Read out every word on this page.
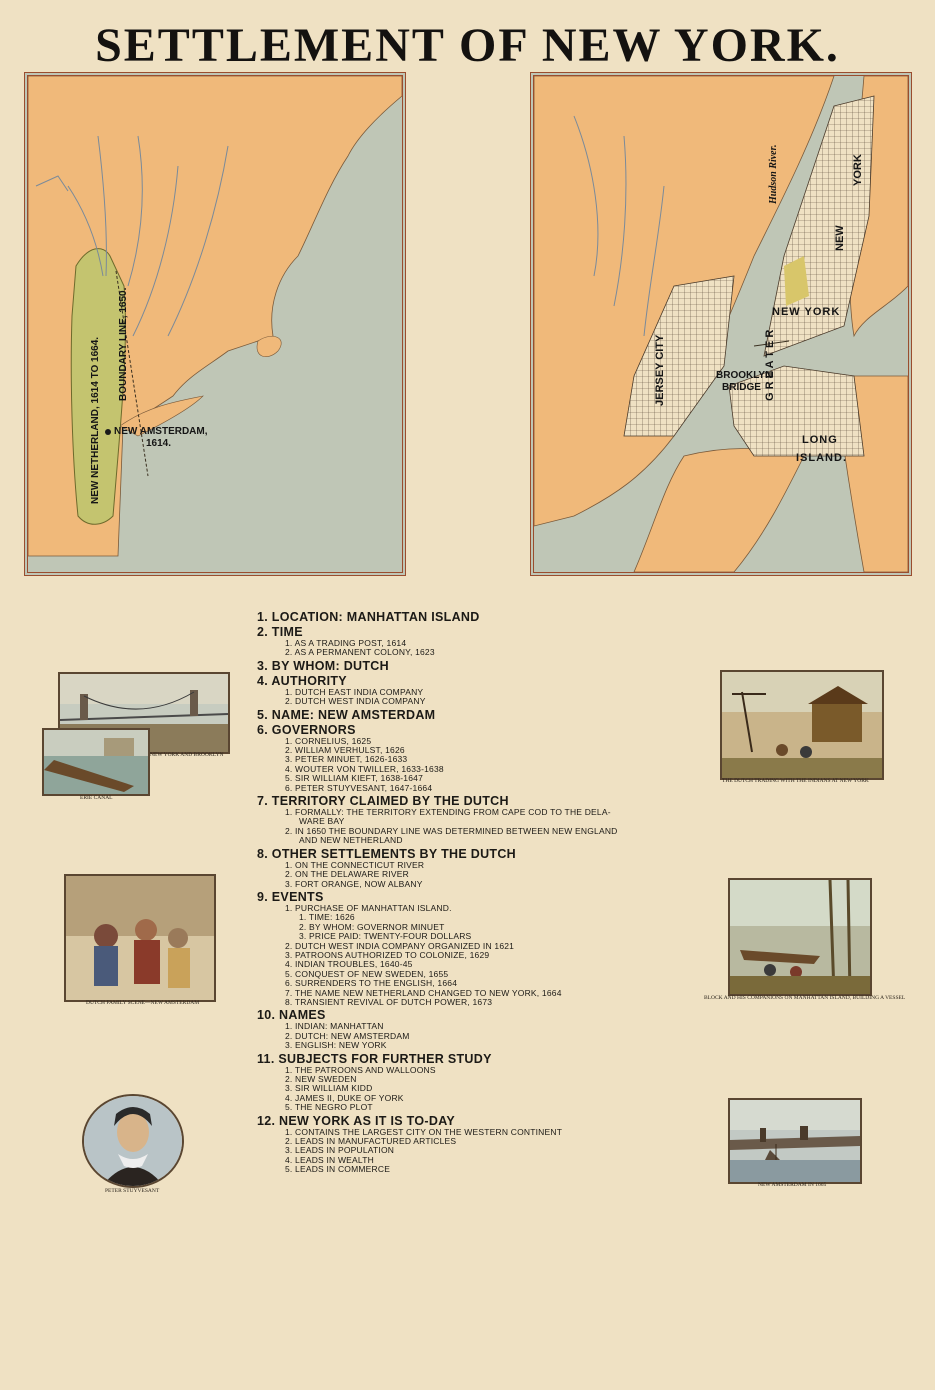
SETTLEMENT OF NEW YORK.
NEW NETHERLAND, 1614 TO 1664. BOUNDARY LINE, 1650.
NEW AMSTERDAM,
1614.
Hudson River.
NEW YORK
G R E A T E R
NEW
YORK
JERSEY CITY	BROOKLYN
BRIDGE
LONG
ISLAND.
1. LOCATION: MANHATTAN ISLAND
2. TIME
1. AS A TRADING POST, 1614
2. AS A PERMANENT COLONY, 1623
3. BY WHOM: DUTCH
4. AUTHORITY
1. DUTCH EAST INDIA COMPANY
2. DUTCH WEST INDIA COMPANY
5. NAME: NEW AMSTERDAM
6. GOVERNORS
1. CORNELIUS, 1625
2. WILLIAM VERHULST, 1626
3. PETER MINUET, 1626-1633
4. WOUTER VON TWILLER, 1633-1638
5. SIR WILLIAM KIEFT, 1638-1647
6. PETER STUYVESANT, 1647-1664
7. TERRITORY CLAIMED BY THE DUTCH
1. FORMALLY: THE TERRITORY EXTENDING FROM CAPE COD TO THE DELA-
WARE BAY
2. IN 1650 THE BOUNDARY LINE WAS DETERMINED BETWEEN NEW ENGLAND
AND NEW NETHERLAND
8. OTHER SETTLEMENTS BY THE DUTCH
1. ON THE CONNECTICUT RIVER
2. ON THE DELAWARE RIVER
3. FORT ORANGE, NOW ALBANY
9. EVENTS
1. PURCHASE OF MANHATTAN ISLAND.
1. TIME: 1626
2. BY WHOM: GOVERNOR MINUET
3. PRICE PAID: TWENTY-FOUR DOLLARS
2. DUTCH WEST INDIA COMPANY ORGANIZED IN 1621
3. PATROONS AUTHORIZED TO COLONIZE, 1629
4. INDIAN TROUBLES, 1640-45
5. CONQUEST OF NEW SWEDEN, 1655
6. SURRENDERS TO THE ENGLISH, 1664
7. THE NAME NEW NETHERLAND CHANGED TO NEW YORK, 1664
8. TRANSIENT REVIVAL OF DUTCH POWER, 1673
10. NAMES
1. INDIAN: MANHATTAN
2. DUTCH: NEW AMSTERDAM
3. ENGLISH: NEW YORK
11. SUBJECTS FOR FURTHER STUDY
1. THE PATROONS AND WALLOONS
2. NEW SWEDEN
3. SIR WILLIAM KIDD
4. JAMES II, DUKE OF YORK
5. THE NEGRO PLOT
12. NEW YORK AS IT IS TO-DAY
1. CONTAINS THE LARGEST CITY ON THE WESTERN CONTINENT
2. LEADS IN MANUFACTURED ARTICLES
3. LEADS IN POPULATION
4. LEADS IN WEALTH
5. LEADS IN COMMERCE
NEW YORK AND BROOKLYN
ERIE CANAL
DUTCH FAMILY SCENE—NEW AMSTERDAM
PETER STUYVESANT
THE DUTCH TRADING WITH THE INDIANS AT NEW YORK
BLOCK AND HIS COMPANIONS ON MANHATTAN ISLAND, BUILDING A VESSEL
NEW AMSTERDAM IN 1665
